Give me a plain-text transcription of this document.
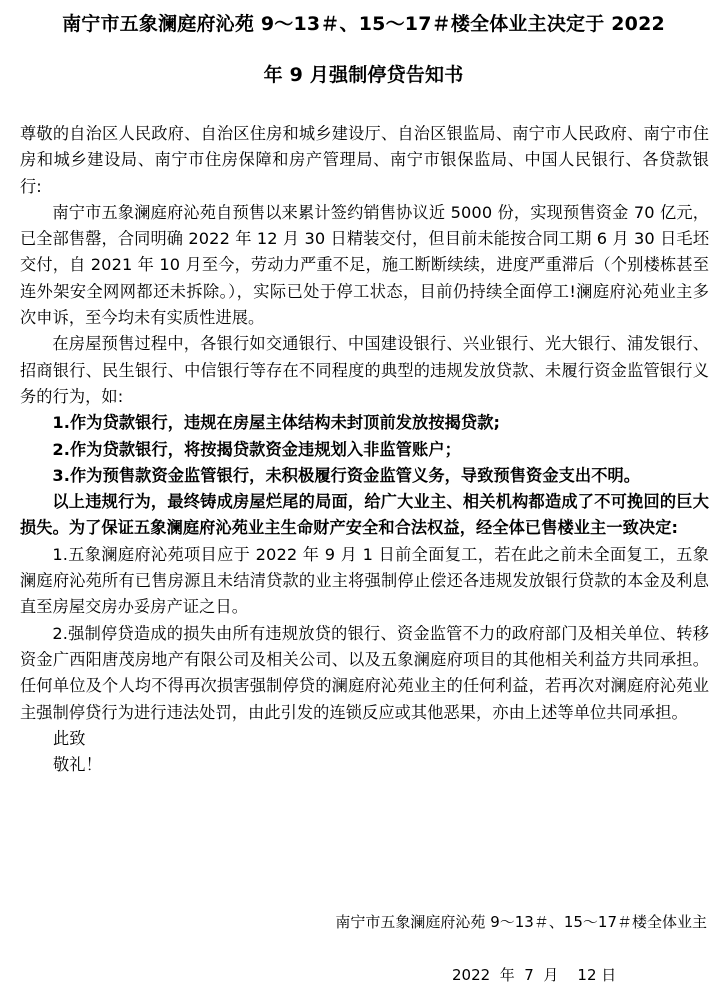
南宁市五象澜庭府沁苑 9～13＃、15～17＃楼全体业主决定于 2022
年 9 月强制停贷告知书

尊敬的自治区人民政府、自治区住房和城乡建设厅、自治区银监局、南宁市人民政府、南宁市住房和城乡建设局、南宁市住房保障和房产管理局、南宁市银保监局、中国人民银行、各贷款银行:

南宁市五象澜庭府沁苑自预售以来累计签约销售协议近 5000 份，实现预售资金 70 亿元，已全部售罄，合同明确 2022 年 12 月 30 日精装交付，但目前未能按合同工期 6 月 30 日毛坯交付，自 2021 年 10 月至今，劳动力严重不足，施工断断续续，进度严重滞后（个别楼栋甚至连外架安全网网都还未拆除。），实际已处于停工状态，目前仍持续全面停工!澜庭府沁苑业主多次申诉，至今均未有实质性进展。

在房屋预售过程中，各银行如交通银行、中国建设银行、兴业银行、光大银行、浦发银行、招商银行、民生银行、中信银行等存在不同程度的典型的违规发放贷款、未履行资金监管银行义务的行为，如:

1.作为贷款银行，违规在房屋主体结构未封顶前发放按揭贷款;

2.作为贷款银行，将按揭贷款资金违规划入非监管账户；

3.作为预售款资金监管银行，未积极履行资金监管义务，导致预售资金支出不明。

以上违规行为，最终铸成房屋烂尾的局面，给广大业主、相关机构都造成了不可挽回的巨大损失。为了保证五象澜庭府沁苑业主生命财产安全和合法权益，经全体已售楼业主一致决定:

1.五象澜庭府沁苑项目应于 2022 年 9 月 1 日前全面复工，若在此之前未全面复工，五象澜庭府沁苑所有已售房源且未结清贷款的业主将强制停止偿还各违规发放银行贷款的本金及利息直至房屋交房办妥房产证之日。

2.强制停贷造成的损失由所有违规放贷的银行、资金监管不力的政府部门及相关单位、转移资金广西阳唐茂房地产有限公司及相关公司、以及五象澜庭府项目的其他相关利益方共同承担。任何单位及个人均不得再次损害强制停贷的澜庭府沁苑业主的任何利益，若再次对澜庭府沁苑业主强制停贷行为进行违法处罚，由此引发的连锁反应或其他恶果，亦由上述等单位共同承担。

此致

敬礼！

南宁市五象澜庭府沁苑 9～13＃、15～17＃楼全体业主
2022  年  7  月    12 日
